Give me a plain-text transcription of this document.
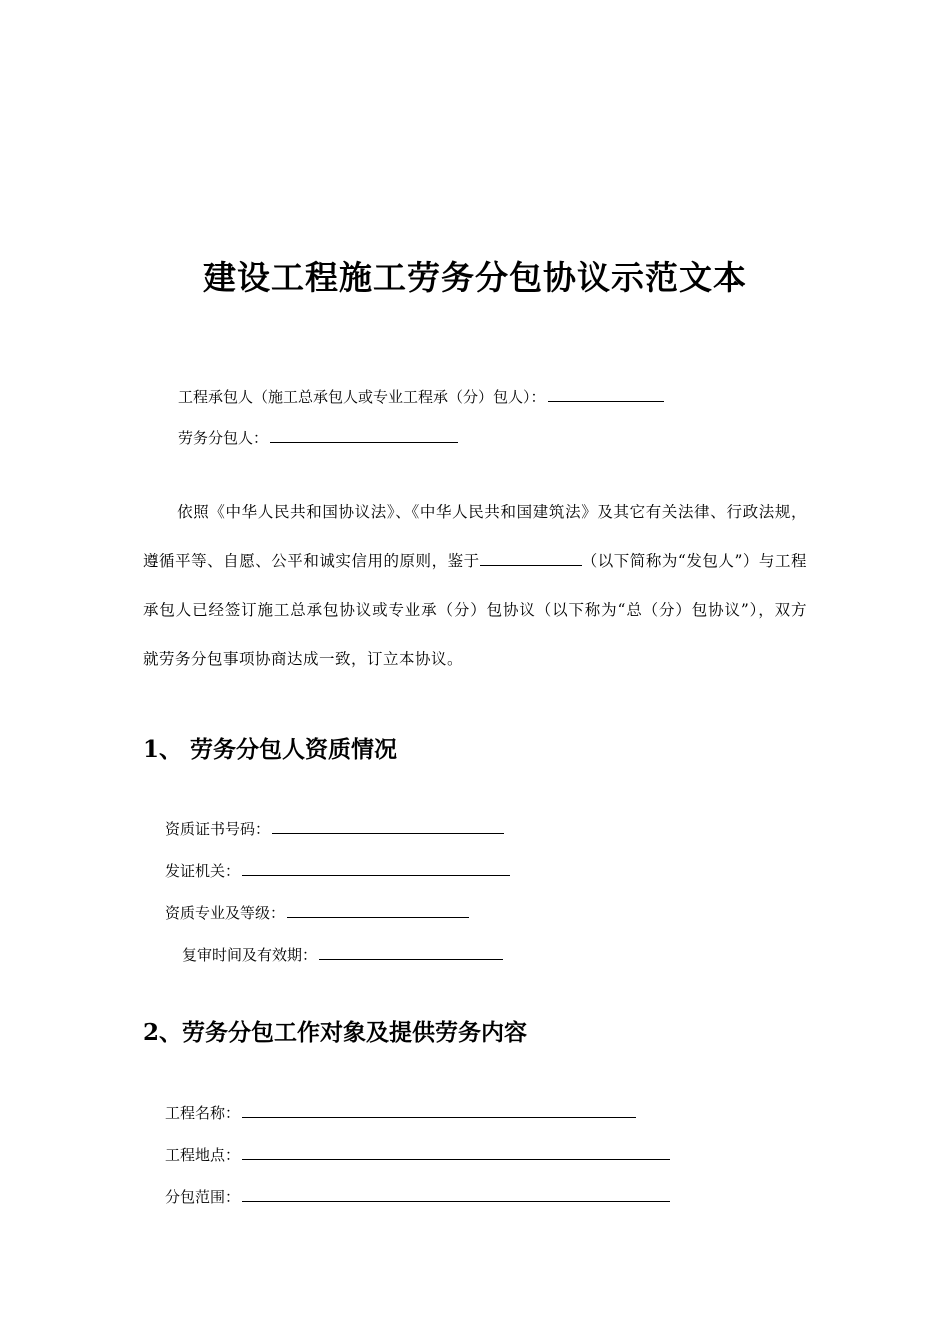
建设工程施工劳务分包协议示范文本
工程承包人（施工总承包人或专业工程承（分）包人）：
劳务分包人：
依照《中华人民共和国协议法》、《中华人民共和国建筑法》及其它有关法律、行政法规，遵循平等、自愿、公平和诚实信用的原则，鉴于	（以下简称为“发包人”）与工程承包人已经签订施工总承包协议或专业承（分）包协议（以下称为“总（分）包协议”），双方就劳务分包事项协商达成一致，订立本协议。
1、 劳务分包人资质情况
资质证书号码：
发证机关：
资质专业及等级：
复审时间及有效期：
2、劳务分包工作对象及提供劳务内容
工程名称：
工程地点：
分包范围：
